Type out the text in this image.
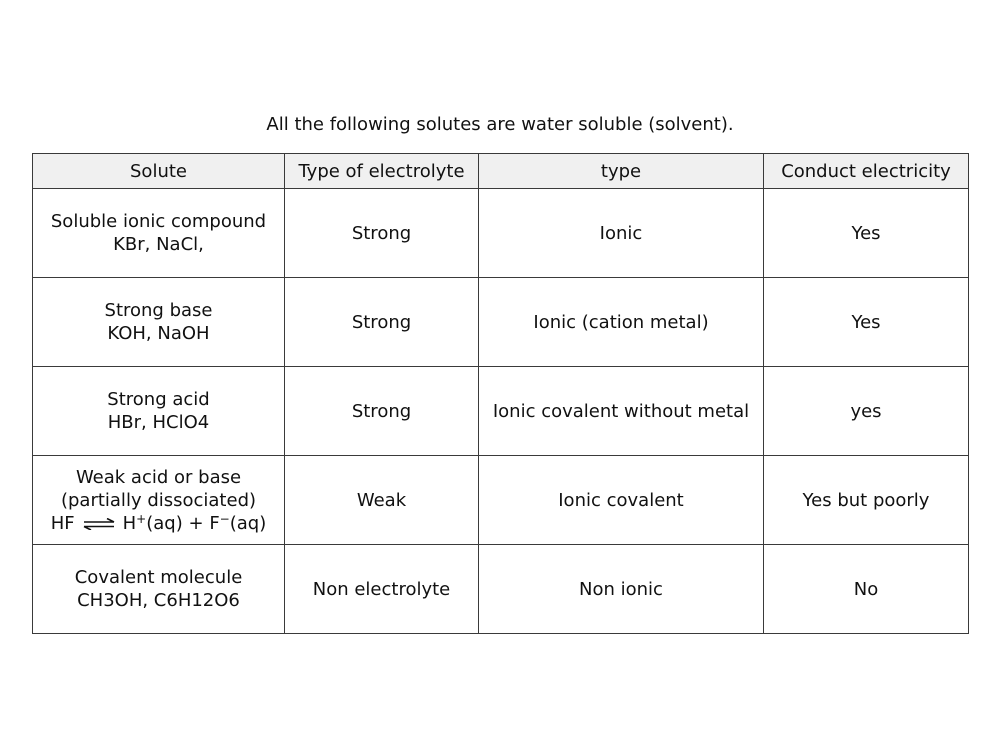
All the following solutes are water soluble (solvent).
Solute	Type of electrolyte	type	Conduct electricity

Soluble ionic compound
KBr, NaCl,	Strong	Ionic	Yes

Strong base
KOH, NaOH	Strong	Ionic (cation metal)	Yes

Strong acid
HBr, HClO4	Strong	Ionic covalent without metal	yes

Weak acid or base
(partially dissociated)
HF ⇌ H+(aq) + F−(aq)	Weak	Ionic covalent	Yes but poorly

Covalent molecule
CH3OH, C6H12O6	Non electrolyte	Non ionic	No
